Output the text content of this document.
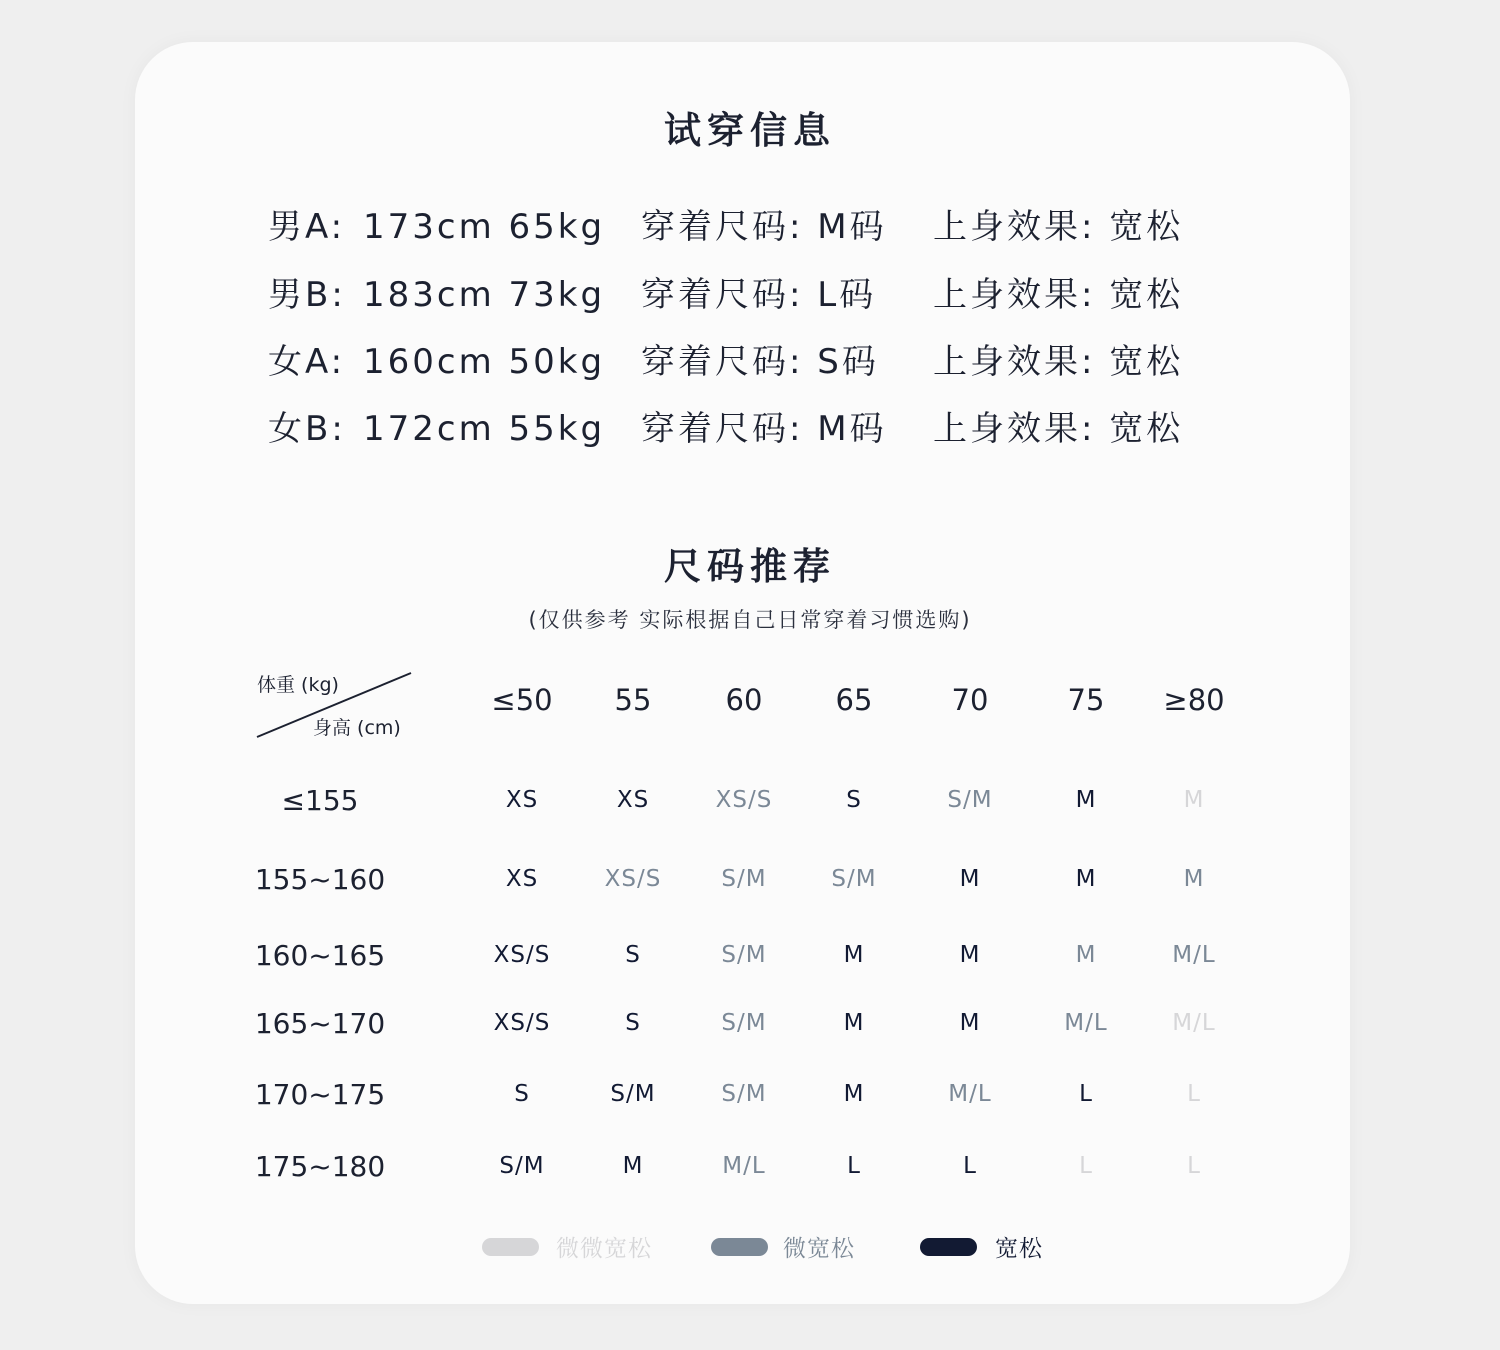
试穿信息
男A: 173cm 65kg 穿着尺码: M码 上身效果: 宽松
男B: 183cm 73kg 穿着尺码: L码 上身效果: 宽松
女A: 160cm 50kg 穿着尺码: S码 上身效果: 宽松
女B: 172cm 55kg 穿着尺码: M码 上身效果: 宽松
尺码推荐
(仅供参考 实际根据自己日常穿着习惯选购)
体重 (kg)
身高 (cm)
≤50	55	60	65	70	75	≥80
≤155	XS	XS	XS/S	S	S/M	M	M
155~160	XS	XS/S	S/M	S/M	M	M	M
160~165	XS/S	S	S/M	M	M	M	M/L
165~170	XS/S	S	S/M	M	M	M/L	M/L
170~175	S	S/M	S/M	M	M/L	L	L
175~180	S/M	M	M/L	L	L	L	L
微微宽松	微宽松	宽松
